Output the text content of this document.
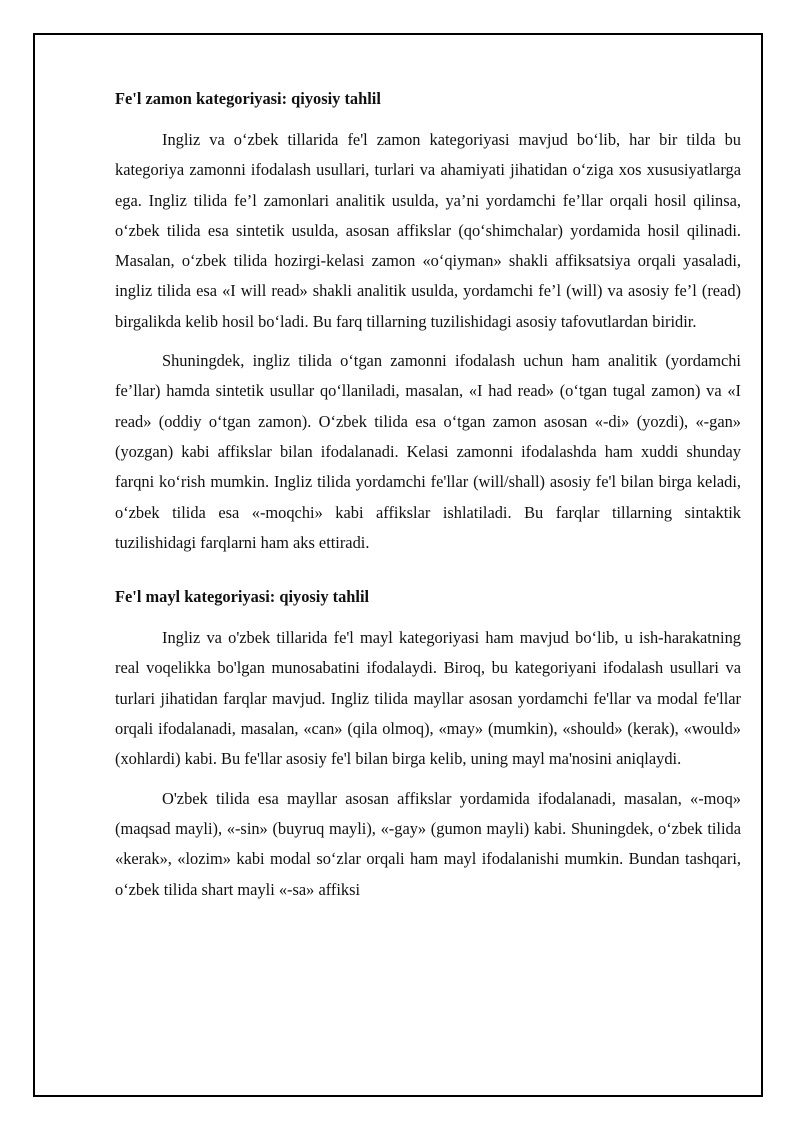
Fe'l zamon kategoriyasi: qiyosiy tahlil

Ingliz va o‘zbek tillarida fe'l zamon kategoriyasi mavjud bo‘lib, har bir tilda bu kategoriya zamonni ifodalash usullari, turlari va ahamiyati jihatidan o‘ziga xos xususiyatlarga ega. Ingliz tilida fe’l zamonlari analitik usulda, ya’ni yordamchi fe’llar orqali hosil qilinsa, o‘zbek tilida esa sintetik usulda, asosan affikslar (qo‘shimchalar) yordamida hosil qilinadi. Masalan, o‘zbek tilida hozirgi-kelasi zamon «o‘qiyman» shakli affiksatsiya orqali yasaladi, ingliz tilida esa «I will read» shakli analitik usulda, yordamchi fe’l (will) va asosiy fe’l (read) birgalikda kelib hosil bo‘ladi. Bu farq tillarning tuzilishidagi asosiy tafovutlardan biridir.

Shuningdek, ingliz tilida o‘tgan zamonni ifodalash uchun ham analitik (yordamchi fe’llar) hamda sintetik usullar qo‘llaniladi, masalan, «I had read» (o‘tgan tugal zamon) va «I read» (oddiy o‘tgan zamon). O‘zbek tilida esa o‘tgan zamon asosan «-di» (yozdi), «-gan» (yozgan) kabi affikslar bilan ifodalanadi. Kelasi zamonni ifodalashda ham xuddi shunday farqni ko‘rish mumkin. Ingliz tilida yordamchi fe'llar (will/shall) asosiy fe'l bilan birga keladi, o‘zbek tilida esa «-moqchi» kabi affikslar ishlatiladi. Bu farqlar tillarning sintaktik tuzilishidagi farqlarni ham aks ettiradi.

Fe'l mayl kategoriyasi: qiyosiy tahlil

Ingliz va o'zbek tillarida fe'l mayl kategoriyasi ham mavjud bo‘lib, u ish-harakatning real voqelikka bo'lgan munosabatini ifodalaydi. Biroq, bu kategoriyani ifodalash usullari va turlari jihatidan farqlar mavjud. Ingliz tilida mayllar asosan yordamchi fe'llar va modal fe'llar orqali ifodalanadi, masalan, «can» (qila olmoq), «may» (mumkin), «should» (kerak), «would» (xohlardi) kabi. Bu fe'llar asosiy fe'l bilan birga kelib, uning mayl ma'nosini aniqlaydi.

O'zbek tilida esa mayllar asosan affikslar yordamida ifodalanadi, masalan, «-moq» (maqsad mayli), «-sin» (buyruq mayli), «-gay» (gumon mayli) kabi. Shuningdek, o‘zbek tilida «kerak», «lozim» kabi modal so‘zlar orqali ham mayl ifodalanishi mumkin. Bundan tashqari, o‘zbek tilida shart mayli «-sa» affiksi
